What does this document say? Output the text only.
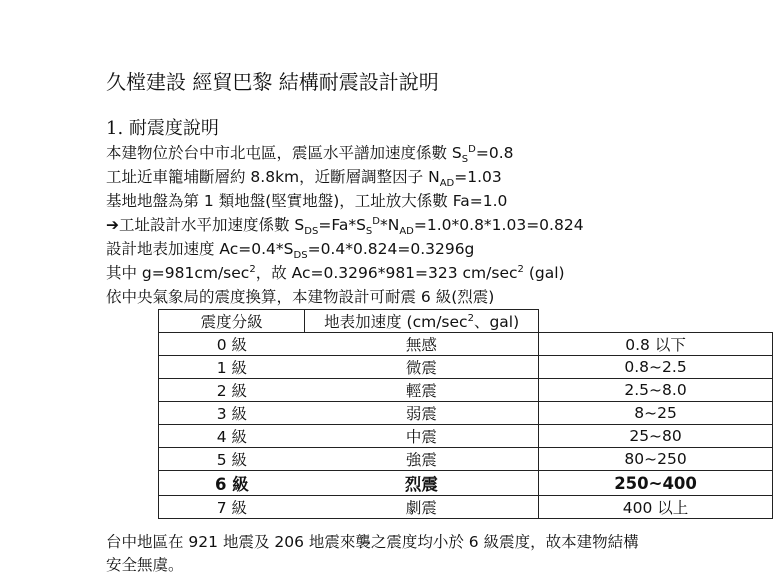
久樘建設 經貿巴黎 結構耐震設計說明
1. 耐震度說明
本建物位於台中市北屯區，震區水平譜加速度係數 $S_S^D=0.8$
工址近車籠埔斷層約 8.8km，近斷層調整因子 $N_{AD}=1.03$
基地地盤為第 1 類地盤(堅實地盤)，工址放大係數 Fa=1.0
➔工址設計水平加速度係數 $S_{DS}=Fa*S_S^D*N_{AD}=1.0*0.8*1.03=0.824$
設計地表加速度 $Ac=0.4*S_{DS}=0.4*0.824=0.3296g$
其中 $g=981cm/\sec^2$，故 Ac=0.3296*981=323 $cm/\sec^2$ (gal)
依中央氣象局的震度換算，本建物設計可耐震 6 級(烈震)
震度分級	地表加速度 ($cm/\sec^2$、gal)	
0 級	無感	0.8 以下
1 級	微震	0.8~2.5
2 級	輕震	2.5~8.0
3 級	弱震	8~25
4 級	中震	25~80
5 級	強震	80~250
6 級	烈震	250~400
7 級	劇震	400 以上
台中地區在 921 地震及 206 地震來襲之震度均小於 6 級震度，故本建物結構
安全無虞。
